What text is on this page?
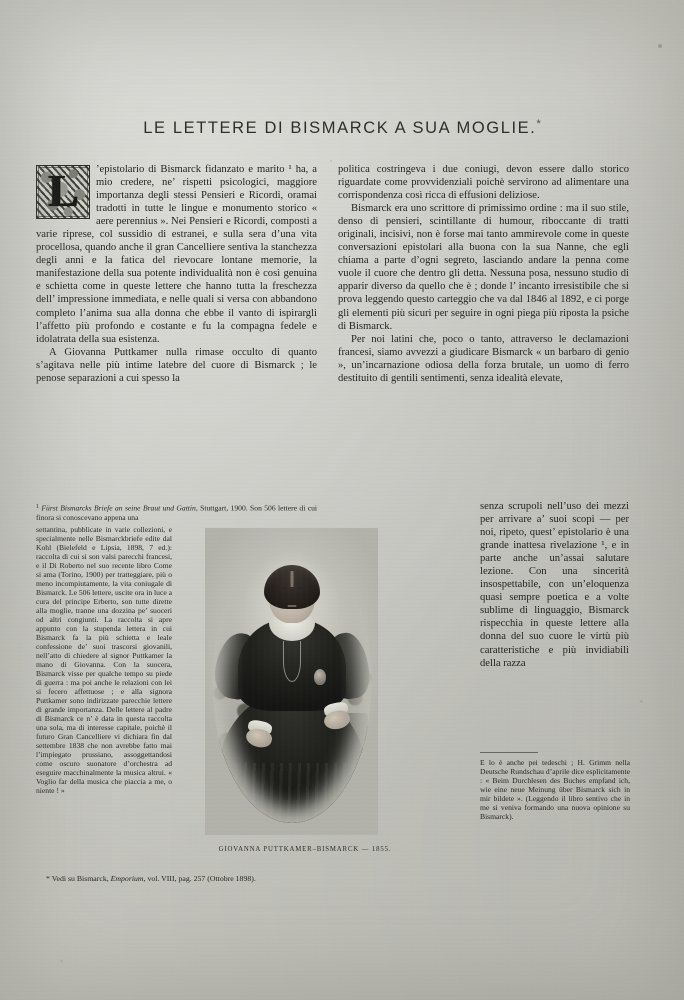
LE LETTERE DI BISMARCK A SUA MOGLIE.*
L	’epistolario di Bismarck fidanzato e marito ¹ ha, a mio credere, ne’ rispetti psicologici, maggiore importanza degli stessi Pensieri e Ricordi, oramai tradotti in tutte le lingue e monumento storico « aere perennius ». Nei Pensieri e Ricordi, composti a varie riprese, col sussidio di estranei, e sulla sera d’una vita procellosa, quando anche il gran Cancelliere sentiva la stanchezza degli anni e la fatica del rievocare lontane memorie, la manifestazione della sua potente individualità non è così genuina e schietta come in queste lettere che hanno tutta la freschezza dell’ impressione immediata, e nelle quali si versa con abbandono completo l’anima sua alla donna che ebbe il vanto di ispirargli l’affetto più profondo e costante e fu la compagna fedele e idolatrata della sua esistenza.

A Giovanna Puttkamer nulla rimase occulto di quanto s’agitava nelle più intime latebre del cuore di Bismarck ; le penose separazioni a cui spesso la

$^1$ Fürst Bismarcks Briefe an seine Braut und Gattin, Stuttgart, 1900. Son 506 lettere di cui finora si conoscevano appena una

settantina, pubblicate in varie collezioni, e specialmente nelle Bismarckbriefe edite dal Kohl (Bielefeld e Lipsia, 1898, 7 ed.): raccolta di cui si son valsi parecchi francesi, e il Di Roberto nel suo recente libro Come si ama (Torino, 1900) per tratteggiare, più o meno incompiutamente, la vita coniugale di Bismarck. Le 506 lettere, uscite ora in luce a cura del principe Erberto, son tutte dirette alla moglie, tranne una dozzina pe’ suoceri od altri congiunti. La raccolta si apre appunto con la stupenda lettera in cui Bismarck fa la più schietta e leale confessione de’ suoi trascorsi giovanili, nell’atto di chiedere al signor Puttkamer la mano di Giovanna. Con la suocera, Bismarck visse per qualche tempo su piede di guerra : ma poi anche le relazioni con lei si fecero affettuose ; e alla signora Puttkamer sono indirizzate parecchie lettere di grande importanza. Delle lettere al padre di Bismarck ce n’ è data in questa raccolta una sola, ma di interesse capitale, poichè il futuro Gran Cancelliere vi dichiara fin dal settembre 1838 che non avrebbe fatto mai l’impiegato prussiano, assoggettandosi come oscuro suonatore d’orchestra ad eseguire macchinalmente la musica altrui. « Voglio far della musica che piaccia a me, o niente ! »

politica costringeva i due coniugi, devon essere dallo storico riguardate come provvidenziali poichè servirono ad alimentare una corrispondenza così ricca di effusioni deliziose.

Bismarck era uno scrittore di primissimo ordine : ma il suo stile, denso di pensieri, scintillante di humour, riboccante di tratti originali, incisivi, non è forse mai tanto ammirevole come in queste conversazioni epistolari alla buona con la sua Nanne, che egli chiama a parte d’ogni segreto, lasciando andare la penna come vuole il cuore che dentro gli detta. Nessuna posa, nessuno studio di apparir diverso da quello che è ; donde l’ incanto irresistibile che si prova leggendo questo carteggio che va dal 1846 al 1892, e ci porge gli elementi più sicuri per seguire in ogni piega più riposta la psiche di Bismarck.

Per noi latini che, poco o tanto, attraverso le declamazioni francesi, siamo avvezzi a giudicare Bismarck « un barbaro di genio », un’incarnazione odiosa della forza brutale, un uomo di ferro destituito di gentili sentimenti, senza idealità elevate,

senza scrupoli nell’uso dei mezzi per arrivare a’ suoi scopi — per noi, ripeto, quest’ epistolario è una grande inattesa rivelazione ¹, e in parte anche un’assai salutare lezione. Con una sincerità insospettabile, con un’eloquenza quasi sempre poetica e a volte sublime di linguaggio, Bismarck rispecchia in queste lettere alla donna del suo cuore le virtù più caratteristiche e più invidiabili della razza

E lo è anche pei tedeschi ; H. Grimm nella Deutsche Rundschau d’aprile dice esplicitamente : « Beim Durchlesen des Buches empfand ich, wie eine neue Meinung über Bismarck sich in mir bildete ». (Leggendo il libro sentivo che in me si veniva formando una nuova opinione su Bismarck).

GIOVANNA PUTTKAMER–BISMARCK — 1855.
* Vedi su Bismarck, Emporium, vol. VIII, pag. 257 (Ottobre 1898).
